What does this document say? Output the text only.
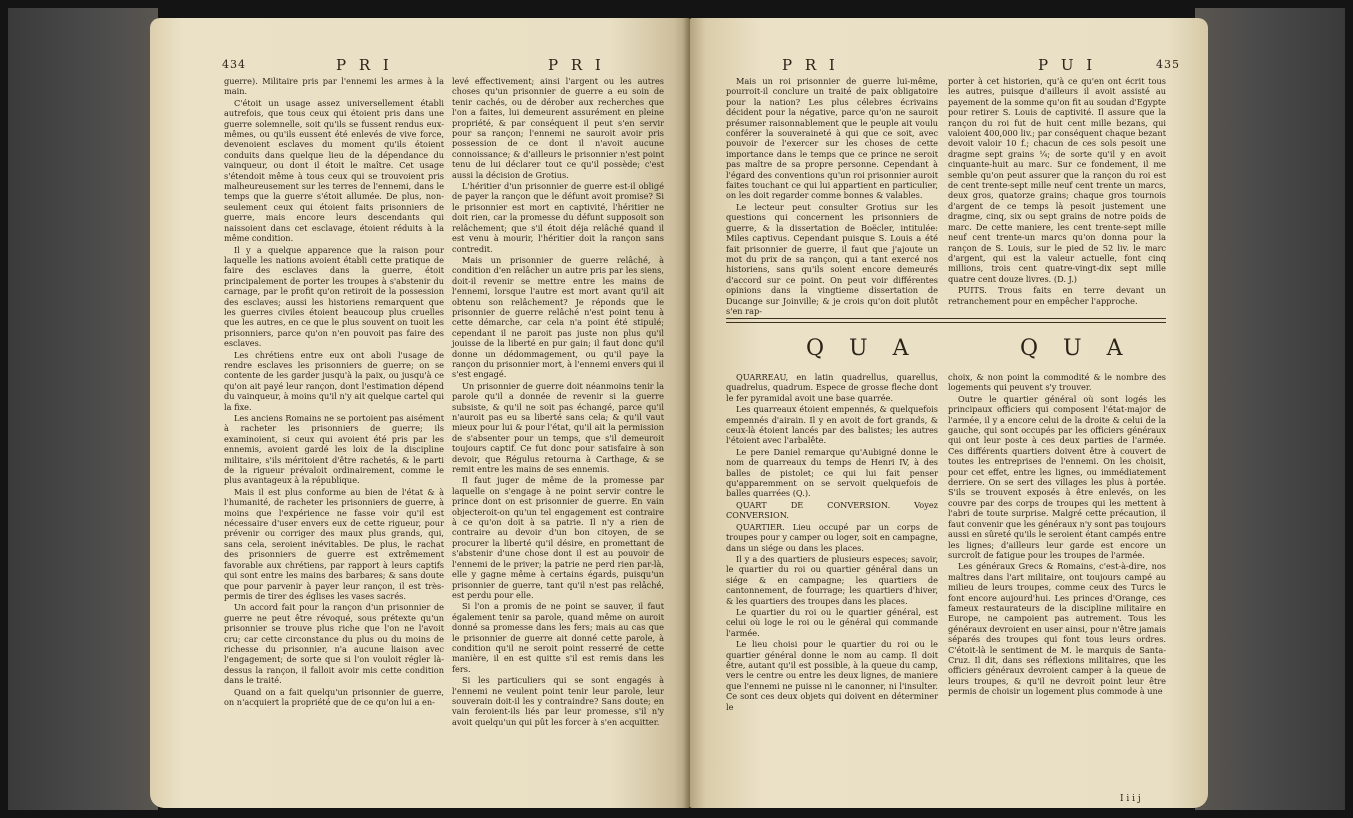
434	P R I	P R I

guerre). Militaire pris par l'ennemi les armes à la main.

C'étoit un usage assez universellement établi autrefois, que tous ceux qui étoient pris dans une guerre solemnelle, soit qu'ils se fussent rendus eux-mêmes, ou qu'ils eussent été enlevés de vive force, devenoient esclaves du moment qu'ils étoient conduits dans quelque lieu de la dépendance du vainqueur, ou dont il étoit le maître. Cet usage s'étendoit même à tous ceux qui se trouvoient pris malheureusement sur les terres de l'ennemi, dans le temps que la guerre s'étoit allumée. De plus, non-seulement ceux qui étoient faits prisonniers de guerre, mais encore leurs descendants qui naissoient dans cet esclavage, étoient réduits à la même condition.

Il y a quelque apparence que la raison pour laquelle les nations avoient établi cette pratique de faire des esclaves dans la guerre, étoit principalement de porter les troupes à s'abstenir du carnage, par le profit qu'on retiroit de la possession des esclaves; aussi les historiens remarquent que les guerres civiles étoient beaucoup plus cruelles que les autres, en ce que le plus souvent on tuoit les prisonniers, parce qu'on n'en pouvoit pas faire des esclaves.

Les chrétiens entre eux ont aboli l'usage de rendre esclaves les prisonniers de guerre; on se contente de les garder jusqu'à la paix, ou jusqu'à ce qu'on ait payé leur rançon, dont l'estimation dépend du vainqueur, à moins qu'il n'y ait quelque cartel qui la fixe.

Les anciens Romains ne se portoient pas aisément à racheter les prisonniers de guerre; ils examinoient, si ceux qui avoient été pris par les ennemis, avoient gardé les loix de la discipline militaire, s'ils méritoient d'être rachetés, & le parti de la rigueur prévaloit ordinairement, comme le plus avantageux à la république.

Mais il est plus conforme au bien de l'état & à l'humanité, de racheter les prisonniers de guerre, à moins que l'expérience ne fasse voir qu'il est nécessaire d'user envers eux de cette rigueur, pour prévenir ou corriger des maux plus grands, qui, sans cela, seroient inévitables. De plus, le rachat des prisonniers de guerre est extrêmement favorable aux chrétiens, par rapport à leurs captifs qui sont entre les mains des barbares; & sans doute que pour parvenir à payer leur rançon, il est très-permis de tirer des églises les vases sacrés.

Un accord fait pour la rançon d'un prisonnier de guerre ne peut être révoqué, sous prétexte qu'un prisonnier se trouve plus riche que l'on ne l'avoit cru; car cette circonstance du plus ou du moins de richesse du prisonnier, n'a aucune liaison avec l'engagement; de sorte que si l'on vouloit régler là-dessus la rançon, il falloit avoir mis cette condition dans le traité.

Quand on a fait quelqu'un prisonnier de guerre, on n'acquiert la propriété que de ce qu'on lui a en-

levé effectivement; ainsi l'argent ou les autres choses qu'un prisonnier de guerre a eu soin de tenir cachés, ou de dérober aux recherches que l'on a faites, lui demeurent assurément en pleine propriété, & par conséquent il peut s'en servir pour sa rançon; l'ennemi ne sauroit avoir pris possession de ce dont il n'avoit aucune connoissance; & d'ailleurs le prisonnier n'est point tenu de lui déclarer tout ce qu'il possède; c'est aussi la décision de Grotius.

L'héritier d'un prisonnier de guerre est-il obligé de payer la rançon que le défunt avoit promise? Si le prisonnier est mort en captivité, l'héritier ne doit rien, car la promesse du défunt supposoit son relâchement; que s'il étoit déja relâché quand il est venu à mourir, l'héritier doit la rançon sans contredit.

Mais un prisonnier de guerre relâché, à condition d'en relâcher un autre pris par les siens, doit-il revenir se mettre entre les mains de l'ennemi, lorsque l'autre est mort avant qu'il ait obtenu son relâchement? Je réponds que le prisonnier de guerre relâché n'est point tenu à cette démarche, car cela n'a point été stipulé; cependant il ne paroit pas juste non plus qu'il jouisse de la liberté en pur gain; il faut donc qu'il donne un dédommagement, ou qu'il paye la rançon du prisonnier mort, à l'ennemi envers qui il s'est engagé.

Un prisonnier de guerre doit néanmoins tenir la parole qu'il a donnée de revenir si la guerre subsiste, & qu'il ne soit pas échangé, parce qu'il n'auroit pas eu sa liberté sans cela; & qu'il vaut mieux pour lui & pour l'état, qu'il ait la permission de s'absenter pour un temps, que s'il demeuroit toujours captif. Ce fut donc pour satisfaire à son devoir, que Régulus retourna à Carthage, & se remit entre les mains de ses ennemis.

Il faut juger de même de la promesse par laquelle on s'engage à ne point servir contre le prince dont on est prisonnier de guerre. En vain objecteroit-on qu'un tel engagement est contraire à ce qu'on doit à sa patrie. Il n'y a rien de contraire au devoir d'un bon citoyen, de se procurer la liberté qu'il désire, en promettant de s'abstenir d'une chose dont il est au pouvoir de l'ennemi de le priver; la patrie ne perd rien par-là, elle y gagne même à certains égards, puisqu'un prisonnier de guerre, tant qu'il n'est pas relâché, est perdu pour elle.

Si l'on a promis de ne point se sauver, il faut également tenir sa parole, quand même on auroit donné sa promesse dans les fers; mais au cas que le prisonnier de guerre ait donné cette parole, à condition qu'il ne seroit point resserré de cette manière, il en est quitte s'il est remis dans les fers.

Si les particuliers qui se sont engagés à l'ennemi ne veulent point tenir leur parole, leur souverain doit-il les y contraindre? Sans doute; en vain feroient-ils liés par leur promesse, s'il n'y avoit quelqu'un qui pût les forcer à s'en acquitter.

P R I	P U I	435

Mais un roi prisonnier de guerre lui-même, pourroit-il conclure un traité de paix obligatoire pour la nation? Les plus célebres écrivains décident pour la négative, parce qu'on ne sauroit présumer raisonnablement que le peuple ait voulu conférer la souveraineté à qui que ce soit, avec pouvoir de l'exercer sur les choses de cette importance dans le temps que ce prince ne seroit pas maître de sa propre personne. Cependant à l'égard des conventions qu'un roi prisonnier auroit faites touchant ce qui lui appartient en particulier, on les doit regarder comme bonnes & valables.

Le lecteur peut consulter Grotius sur les questions qui concernent les prisonniers de guerre, & la dissertation de Boëcler, intitulée: Miles captivus. Cependant puisque S. Louis a été fait prisonnier de guerre, il faut que j'ajoute un mot du prix de sa rançon, qui a tant exercé nos historiens, sans qu'ils soient encore demeurés d'accord sur ce point. On peut voir différentes opinions dans la vingtieme dissertation de Ducange sur Joinville; & je crois qu'on doit plutôt s'en rap-

porter à cet historien, qu'à ce qu'en ont écrit tous les autres, puisque d'ailleurs il avoit assisté au payement de la somme qu'on fit au soudan d'Egypte pour retirer S. Louis de captivité. Il assure que la rançon du roi fut de huit cent mille bezans, qui valoient 400,000 liv.; par conséquent chaque bezant devoit valoir 10 f.; chacun de ces sols pesoit une dragme sept grains ¼; de sorte qu'il y en avoit cinquante-huit au marc. Sur ce fondement, il me semble qu'on peut assurer que la rançon du roi est de cent trente-sept mille neuf cent trente un marcs, deux gros, quatorze grains; chaque gros tournois d'argent de ce temps là pesoit justement une dragme, cinq, six ou sept grains de notre poids de marc. De cette maniere, les cent trente-sept mille neuf cent trente-un marcs qu'on donna pour la rançon de S. Louis, sur le pied de 52 liv. le marc d'argent, qui est la valeur actuelle, font cinq millions, trois cent quatre-vingt-dix sept mille quatre cent douze livres. (D. J.)

PUITS. Trous faits en terre devant un retranchement pour en empêcher l'approche.

Q U A	Q U A

QUARREAU, en latin quadrellus, quarellus, quadrelus, quadrum. Espece de grosse fleche dont le fer pyramidal avoit une base quarrée.

Les quarreaux étoient empennés, & quelquefois empennés d'airain. Il y en avoit de fort grands, & ceux-là étoient lancés par des balistes; les autres l'étoient avec l'arbalête.

Le pere Daniel remarque qu'Aubigné donne le nom de quarreaux du temps de Henri IV, à des balles de pistolet; ce qui lui fait penser qu'apparemment on se servoit quelquefois de balles quarrées (Q.).

QUART DE CONVERSION. Voyez CONVERSION.

QUARTIER. Lieu occupé par un corps de troupes pour y camper ou loger, soit en campagne, dans un siége ou dans les places.

Il y a des quartiers de plusieurs especes; savoir, le quartier du roi ou quartier général dans un siége & en campagne; les quartiers de cantonnement, de fourrage; les quartiers d'hiver, & les quartiers des troupes dans les places.

Le quartier du roi ou le quartier général, est celui où loge le roi ou le général qui commande l'armée.

Le lieu choisi pour le quartier du roi ou le quartier général donne le nom au camp. Il doit être, autant qu'il est possible, à la queue du camp, vers le centre ou entre les deux lignes, de maniere que l'ennemi ne puisse ni le canonner, ni l'insulter. Ce sont ces deux objets qui doivent en déterminer le

choix, & non point la commodité & le nombre des logements qui peuvent s'y trouver.

Outre le quartier général où sont logés les principaux officiers qui composent l'état-major de l'armée, il y a encore celui de la droite & celui de la gauche, qui sont occupés par les officiers généraux qui ont leur poste à ces deux parties de l'armée. Ces différents quartiers doivent être à couvert de toutes les entreprises de l'ennemi. On les choisit, pour cet effet, entre les lignes, ou immédiatement derriere. On se sert des villages les plus à portée. S'ils se trouvent exposés à être enlevés, on les couvre par des corps de troupes qui les mettent à l'abri de toute surprise. Malgré cette précaution, il faut convenir que les généraux n'y sont pas toujours aussi en sûreté qu'ils le seroient étant campés entre les lignes; d'ailleurs leur garde est encore un surcroît de fatigue pour les troupes de l'armée.

Les généraux Grecs & Romains, c'est-à-dire, nos maîtres dans l'art militaire, ont toujours campé au milieu de leurs troupes, comme ceux des Turcs le font encore aujourd'hui. Les princes d'Orange, ces fameux restaurateurs de la discipline militaire en Europe, ne campoient pas autrement. Tous les généraux devroient en user ainsi, pour n'être jamais séparés des troupes qui font tous leurs ordres. C'étoit-là le sentiment de M. le marquis de Santa-Cruz. Il dit, dans ses réflexions militaires, que les officiers généraux devroient camper à la queue de leurs troupes, & qu'il ne devroit point leur être permis de choisir un logement plus commode à une

I i i j
